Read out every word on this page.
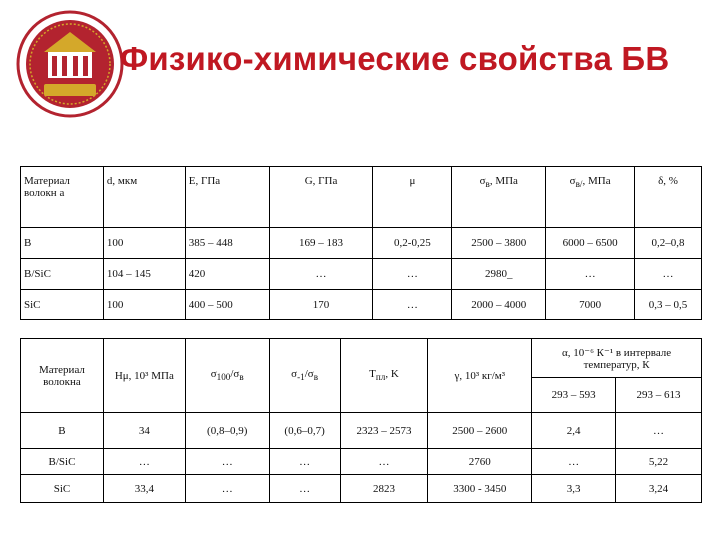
Физико-химические свойства БВ
Материал волокн а	d, мкм	E, ГПа	G, ГПа	μ	$\sigma_в$, МПа	$\sigma_{в/}$, МПа	δ, %
B	100	385 – 448	169 – 183	0,2-0,25	2500 – 3800	6000 – 6500	0,2–0,8
B/SiC	104 – 145	420	…	…	2980_	…	…
SiC	100	400 – 500	170	…	2000 – 4000	7000	0,3 – 0,5
Материал волокна	Hμ, 10³ МПа	$\sigma_{100}/\sigma_в$	$\sigma_{-1}/\sigma_в$	$T_{пл}$, K	γ, 10³ кг/м³	α, 10⁻⁶ К⁻¹ в интервале температур, К	
						293 – 593	293 – 613
B	34	(0,8–0,9)	(0,6–0,7)	2323 – 2573	2500 – 2600	2,4	…
B/SiC	…	…	…	…	2760	…	5,22
SiC	33,4	…	…	2823	3300 - 3450	3,3	3,24
